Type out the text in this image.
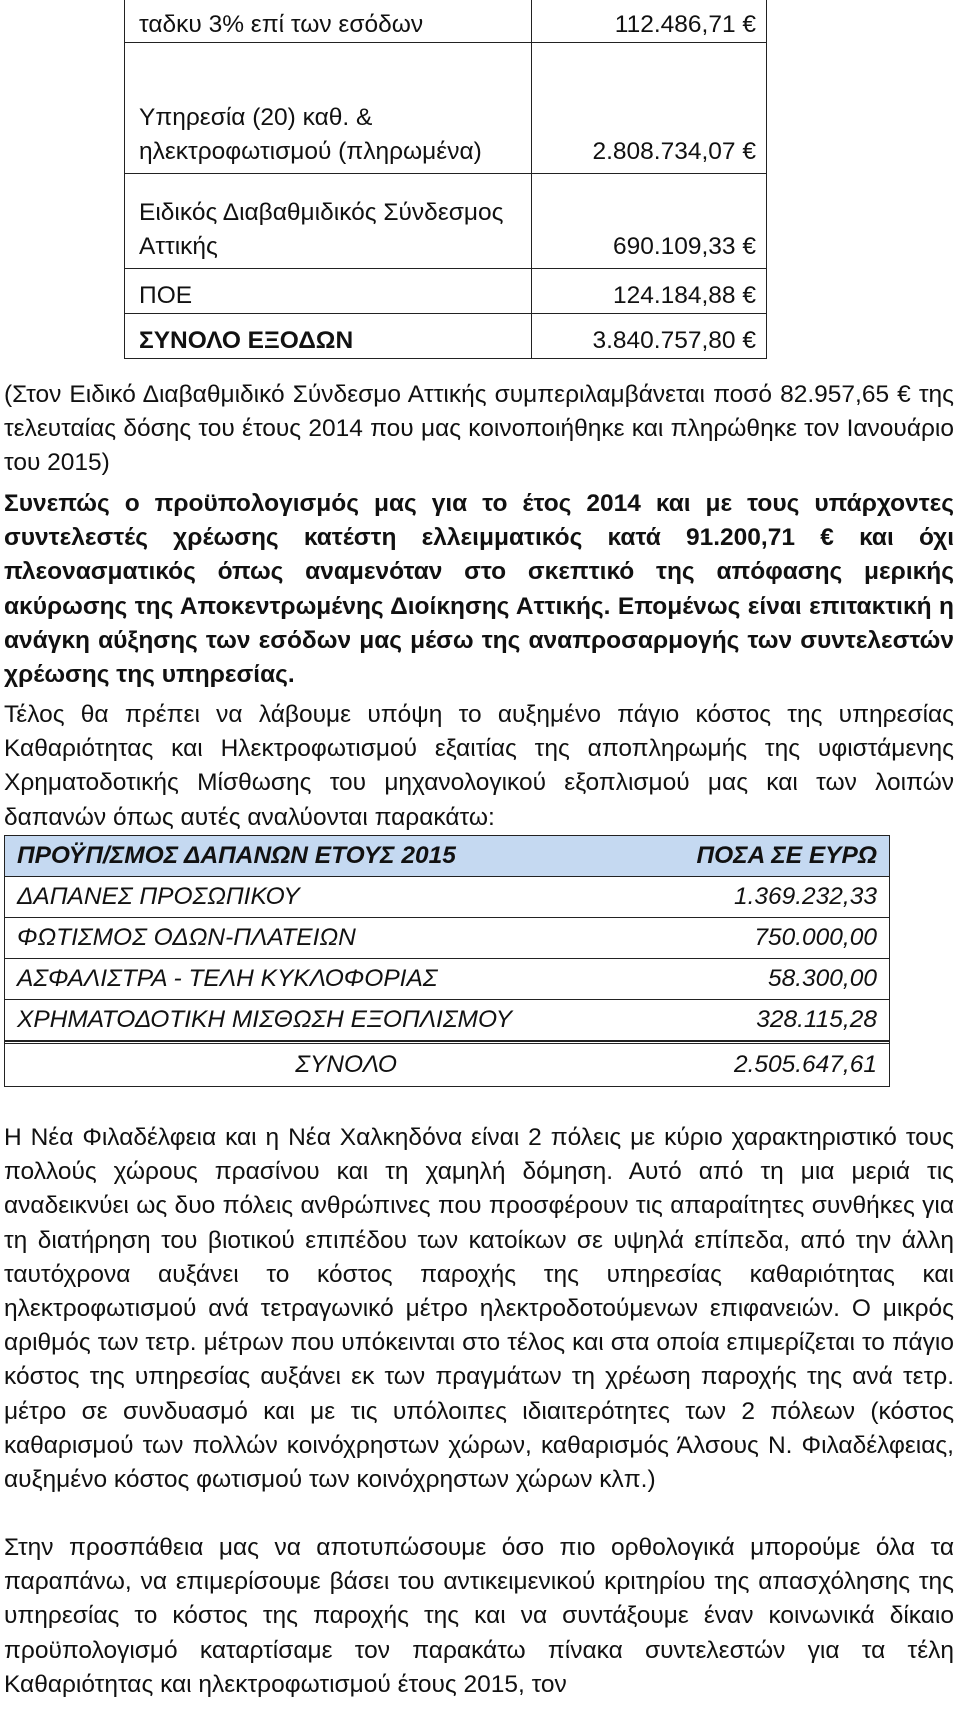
ταδκυ 3% επί των εσόδων	112.486,71 €
Υπηρεσία (20) καθ. & ηλεκτροφωτισμού (πληρωμένα)	2.808.734,07 €
Ειδικός Διαβαθμιδικός Σύνδεσμος Αττικής	690.109,33 €
ΠΟΕ	124.184,88 €
ΣΥΝΟΛΟ ΕΞΟΔΩΝ	3.840.757,80 €

(Στον Ειδικό Διαβαθμιδικό Σύνδεσμο Αττικής συμπεριλαμβάνεται ποσό 82.957,65 € της τελευταίας δόσης του έτους 2014 που μας κοινοποιήθηκε και πληρώθηκε τον Ιανουάριο του 2015)

Συνεπώς ο προϋπολογισμός μας για το έτος 2014 και με τους υπάρχοντες συντελεστές χρέωσης κατέστη ελλειμματικός κατά 91.200,71 € και όχι πλεονασματικός όπως αναμενόταν στο σκεπτικό της απόφασης μερικής ακύρωσης της Αποκεντρωμένης Διοίκησης Αττικής. Επομένως είναι επιτακτική η ανάγκη αύξησης των εσόδων μας μέσω της αναπροσαρμογής των συντελεστών χρέωσης της υπηρεσίας.

Τέλος θα πρέπει να λάβουμε υπόψη το αυξημένο πάγιο κόστος της υπηρεσίας Καθαριότητας και Ηλεκτροφωτισμού εξαιτίας της αποπληρωμής της υφιστάμενης Χρηματοδοτικής Μίσθωσης του μηχανολογικού εξοπλισμού μας και των λοιπών δαπανών όπως αυτές αναλύονται παρακάτω:

ΠΡΟΫΠ/ΣΜΟΣ ΔΑΠΑΝΩΝ ΕΤΟΥΣ 2015	ΠΟΣΑ ΣΕ ΕΥΡΩ
ΔΑΠΑΝΕΣ ΠΡΟΣΩΠΙΚΟΥ	1.369.232,33
ΦΩΤΙΣΜΟΣ ΟΔΩΝ-ΠΛΑΤΕΙΩΝ	750.000,00
ΑΣΦΑΛΙΣΤΡΑ - ΤΕΛΗ ΚΥΚΛΟΦΟΡΙΑΣ	58.300,00
ΧΡΗΜΑΤΟΔΟΤΙΚΗ ΜΙΣΘΩΣΗ ΕΞΟΠΛΙΣΜΟΥ	328.115,28
ΣΥΝΟΛΟ	2.505.647,61

Η Νέα Φιλαδέλφεια και η Νέα Χαλκηδόνα είναι 2 πόλεις με κύριο χαρακτηριστικό τους πολλούς χώρους πρασίνου και τη χαμηλή δόμηση. Αυτό από τη μια μεριά τις αναδεικνύει ως δυο πόλεις ανθρώπινες που προσφέρουν τις απαραίτητες συνθήκες για τη διατήρηση του βιοτικού επιπέδου των κατοίκων σε υψηλά επίπεδα, από την άλλη ταυτόχρονα αυξάνει το κόστος παροχής της υπηρεσίας καθαριότητας και ηλεκτροφωτισμού ανά τετραγωνικό μέτρο ηλεκτροδοτούμενων επιφανειών. Ο μικρός αριθμός των τετρ. μέτρων που υπόκεινται στο τέλος και στα οποία επιμερίζεται το πάγιο κόστος της υπηρεσίας αυξάνει εκ των πραγμάτων τη χρέωση παροχής της ανά τετρ. μέτρο σε συνδυασμό και με τις υπόλοιπες ιδιαιτερότητες των 2 πόλεων (κόστος καθαρισμού των πολλών κοινόχρηστων χώρων, καθαρισμός Άλσους Ν. Φιλαδέλφειας, αυξημένο κόστος φωτισμού των κοινόχρηστων χώρων κλπ.)

Στην προσπάθεια μας να αποτυπώσουμε όσο πιο ορθολογικά μπορούμε όλα τα παραπάνω, να επιμερίσουμε βάσει του αντικειμενικού κριτηρίου της απασχόλησης της υπηρεσίας το κόστος της παροχής της και να συντάξουμε έναν κοινωνικά δίκαιο προϋπολογισμό καταρτίσαμε τον παρακάτω πίνακα συντελεστών για τα τέλη Καθαριότητας και ηλεκτροφωτισμού έτους 2015, τον
